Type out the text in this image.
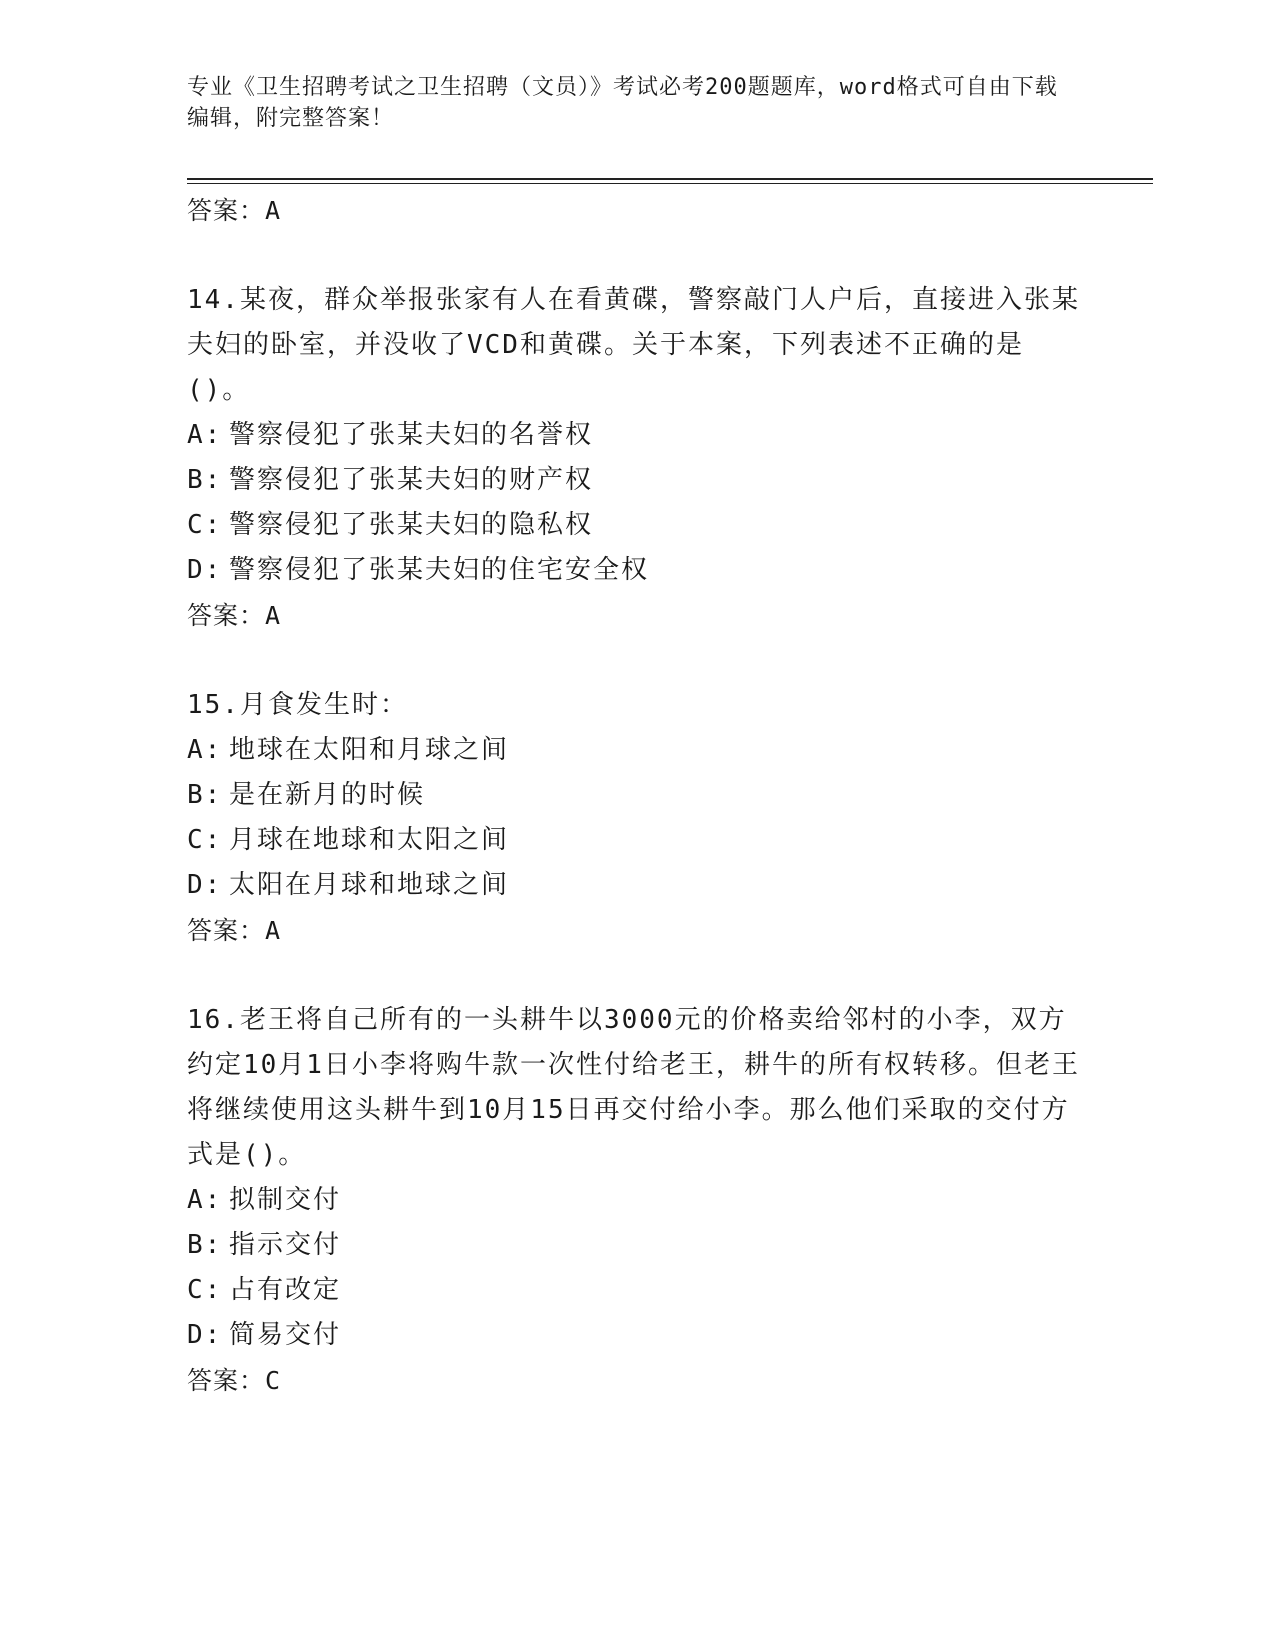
专业《卫生招聘考试之卫生招聘（文员）》考试必考200题题库，word格式可自由下载编辑，附完整答案！

答案：A

14.某夜，群众举报张家有人在看黄碟，警察敲门人户后，直接进入张某夫妇的卧室，并没收了VCD和黄碟。关于本案，下列表述不正确的是()。

A: 警察侵犯了张某夫妇的名誉权

B: 警察侵犯了张某夫妇的财产权

C: 警察侵犯了张某夫妇的隐私权

D: 警察侵犯了张某夫妇的住宅安全权

答案：A

15.月食发生时：

A: 地球在太阳和月球之间

B: 是在新月的时候

C: 月球在地球和太阳之间

D: 太阳在月球和地球之间

答案：A

16.老王将自己所有的一头耕牛以3000元的价格卖给邻村的小李，双方约定10月1日小李将购牛款一次性付给老王，耕牛的所有权转移。但老王将继续使用这头耕牛到10月15日再交付给小李。那么他们采取的交付方式是()。

A: 拟制交付

B: 指示交付

C: 占有改定

D: 简易交付

答案：C
